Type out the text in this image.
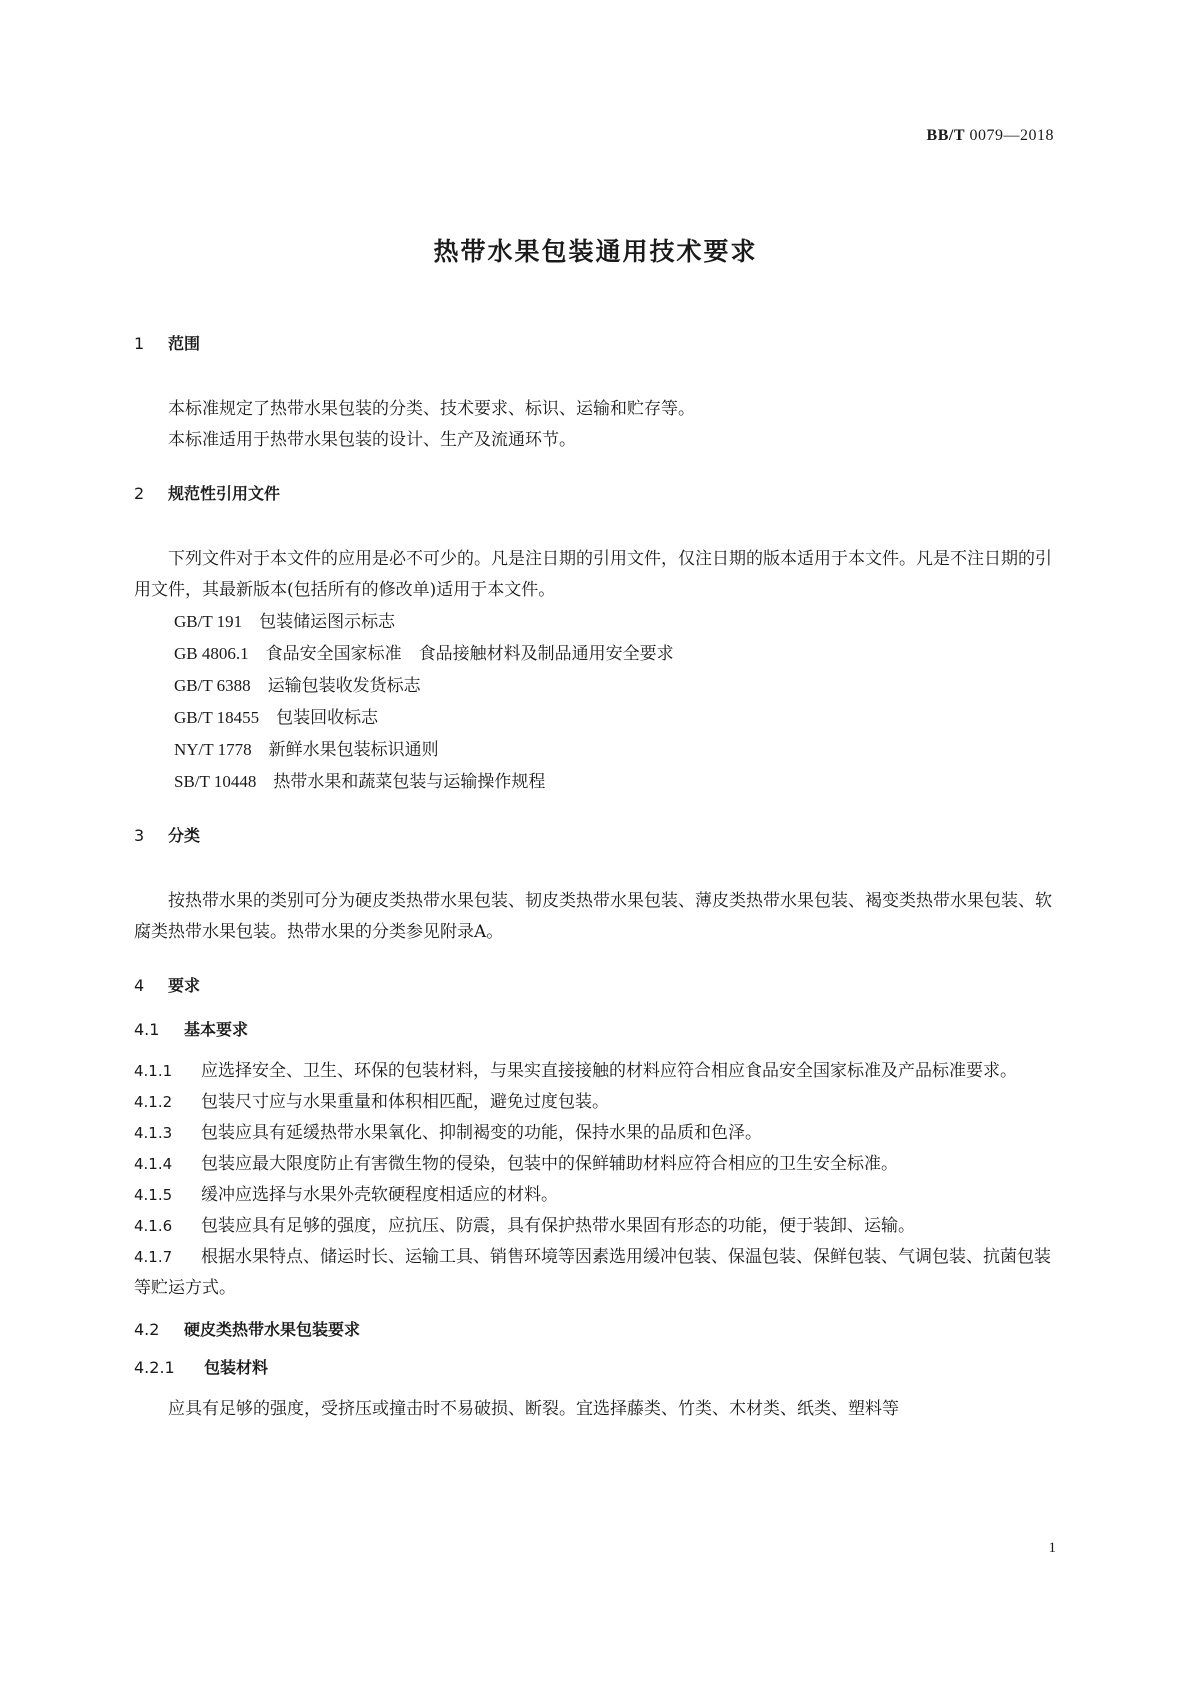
BB/T 0079—2018
热带水果包装通用技术要求
1 范围

本标准规定了热带水果包装的分类、技术要求、标识、运输和贮存等。

本标准适用于热带水果包装的设计、生产及流通环节。

2 规范性引用文件

下列文件对于本文件的应用是必不可少的。凡是注日期的引用文件，仅注日期的版本适用于本文件。凡是不注日期的引用文件，其最新版本(包括所有的修改单)适用于本文件。

GB/T 191　 包装储运图示标志
GB 4806.1　 食品安全国家标准　食品接触材料及制品通用安全要求
GB/T 6388　 运输包装收发货标志
GB/T 18455　 包装回收标志
NY/T 1778　 新鲜水果包装标识通则
SB/T 10448　 热带水果和蔬菜包装与运输操作规程
3 分类

按热带水果的类别可分为硬皮类热带水果包装、韧皮类热带水果包装、薄皮类热带水果包装、褐变类热带水果包装、软腐类热带水果包装。热带水果的分类参见附录A。

4 要求
4.1 基本要求
4.1.1 应选择安全、卫生、环保的包装材料，与果实直接接触的材料应符合相应食品安全国家标准及产品标准要求。
4.1.2 包装尺寸应与水果重量和体积相匹配，避免过度包装。
4.1.3 包装应具有延缓热带水果氧化、抑制褐变的功能，保持水果的品质和色泽。
4.1.4 包装应最大限度防止有害微生物的侵染，包装中的保鲜辅助材料应符合相应的卫生安全标准。
4.1.5 缓冲应选择与水果外壳软硬程度相适应的材料。
4.1.6 包装应具有足够的强度，应抗压、防震，具有保护热带水果固有形态的功能，便于装卸、运输。
4.1.7 根据水果特点、储运时长、运输工具、销售环境等因素选用缓冲包装、保温包装、保鲜包装、气调包装、抗菌包装等贮运方式。
4.2 硬皮类热带水果包装要求
4.2.1 包装材料

应具有足够的强度，受挤压或撞击时不易破损、断裂。宜选择藤类、竹类、木材类、纸类、塑料等

1
